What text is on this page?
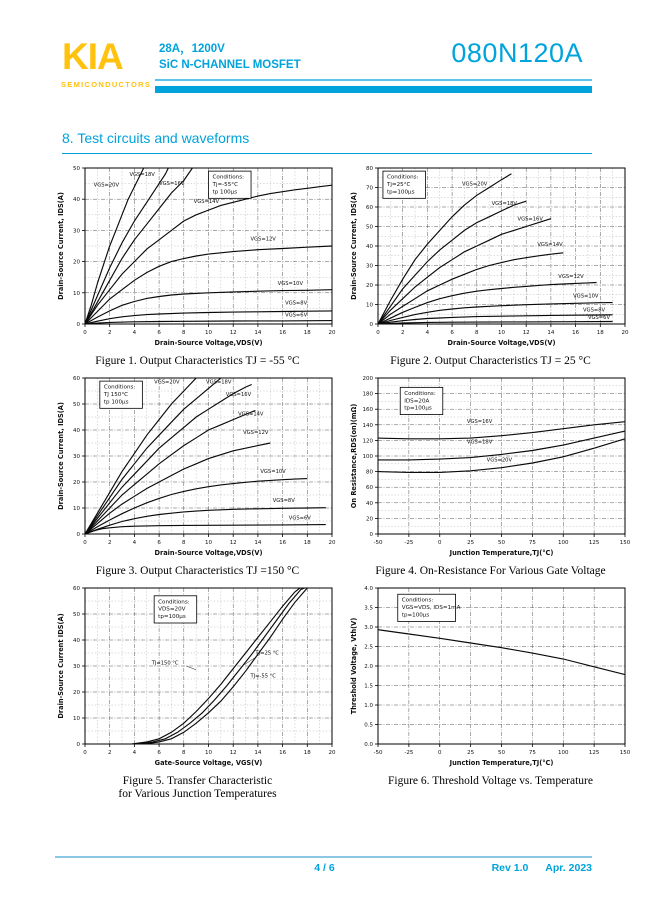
KIA
SEMICONDUCTORS
28A，1200V
SiC N-CHANNEL MOSFET	080N120A
8. Test circuits and waveforms
VGS=20V
VGS=18V
VGS=16V
VGS=14V
VGS=12V
VGS=10V
VGS=8V
VGS=6V
Conditions:
Tj=-55°C
tp 100μs
0	2	4	6	8	10	12	14	16	18	20
0
10
20
30
40
50
Drain-Source Voltage,VDS(V)
Drain-Source Current, IDS(A)
Figure 1. Output Characteristics TJ = -55 °C
VGS=20V
VGS=18V
VGS=16V
VGS=14V
VGS=12V
VGS=10V
VGS=8V
VGS=6V
Conditions:
Tj=25°C
tp=100μs
0	2	4	6	8	10	12	14	16	18	20
0
10
20
30
40
50
60
70
80
Drain-Source Voltage,VDS(V)
Drain-Source Current, IDS(A)
Figure 2. Output Characteristics TJ = 25 °C
VGS=20V	VGS=18V
VGS=16V
VGS=14V
VGS=12V
VGS=10V
VGS=8V
VGS=6V
Conditions:
TJ 150°C
tp 100μs
0	2	4	6	8	10	12	14	16	18	20
0
10
20
30
40
50
60
Drain-Source Voltage,VDS(V)
Drain-Source Current, IDS(A)
Figure 3. Output Characteristics TJ =150 °C
VGS=16V
VGS=18V
VGS=20V
Conditions:
IDS=20A
tp=100μs
-50	-25	0	25	50	75	100	125	150
0
20
40
60
80
100
120
140
160
180
200
Junction Temperature,TJ(°C)
On Resistance,RDS(on)(mΩ)
Figure 4. On-Resistance For Various Gate Voltage
TJ=150 °C
TJ=25 °C
TJ=-55 °C
Conditions:
VDS=20V
tp=100μs
0	2	4	6	8	10	12	14	16	18	20
0
10
20
30
40
50
60
Gate-Source Voltage, VGS(V)
Drain-Source Current IDS(A)
Figure 5. Transfer Characteristic
for Various Junction Temperatures
Conditions:
VGS=VDS, IDS=1mA
tp=100μs
-50	-25	0	25	50	75	100	125	150
0.0
0.5
1.0
1.5
2.0
2.5
3.0
3.5
4.0
Junction Temperature,TJ(°C)
Threshold Voltage, Vth(V)
Figure 6. Threshold Voltage vs. Temperature
4 / 6	Rev 1.0 Apr. 2023
